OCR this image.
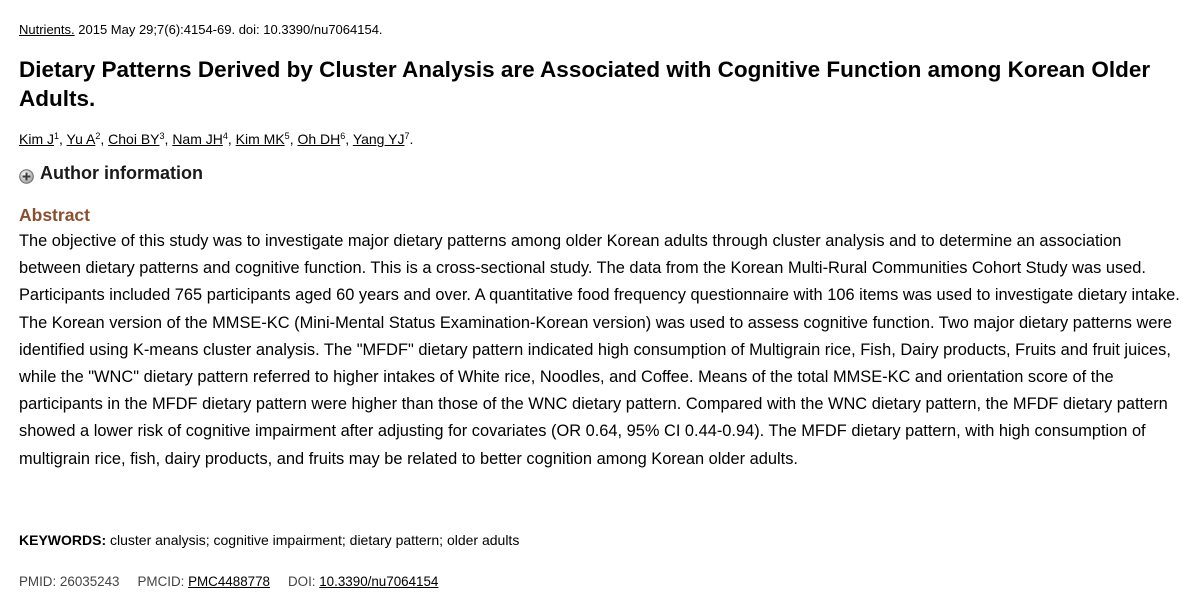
Nutrients. 2015 May 29;7(6):4154-69. doi: 10.3390/nu7064154.
Dietary Patterns Derived by Cluster Analysis are Associated with Cognitive Function among Korean Older Adults.
Kim $J^1$, Yu $A^2$, Choi $BY^3$, Nam $JH^4$, Kim $MK^5$, Oh $DH^6$, Yang $YJ^7$.
Author information
Abstract

The objective of this study was to investigate major dietary patterns among older Korean adults through cluster analysis and to determine an association between dietary patterns and cognitive function. This is a cross-sectional study. The data from the Korean Multi-Rural Communities Cohort Study was used. Participants included 765 participants aged 60 years and over. A quantitative food frequency questionnaire with 106 items was used to investigate dietary intake. The Korean version of the MMSE-KC (Mini-Mental Status Examination-Korean version) was used to assess cognitive function. Two major dietary patterns were identified using K-means cluster analysis. The "MFDF" dietary pattern indicated high consumption of Multigrain rice, Fish, Dairy products, Fruits and fruit juices, while the "WNC" dietary pattern referred to higher intakes of White rice, Noodles, and Coffee. Means of the total MMSE-KC and orientation score of the participants in the MFDF dietary pattern were higher than those of the WNC dietary pattern. Compared with the WNC dietary pattern, the MFDF dietary pattern showed a lower risk of cognitive impairment after adjusting for covariates (OR 0.64, 95% CI 0.44-0.94). The MFDF dietary pattern, with high consumption of multigrain rice, fish, dairy products, and fruits may be related to better cognition among Korean older adults.

KEYWORDS: cluster analysis; cognitive impairment; dietary pattern; older adults
PMID: 26035243 PMCID: PMC4488778 DOI: 10.3390/nu7064154
